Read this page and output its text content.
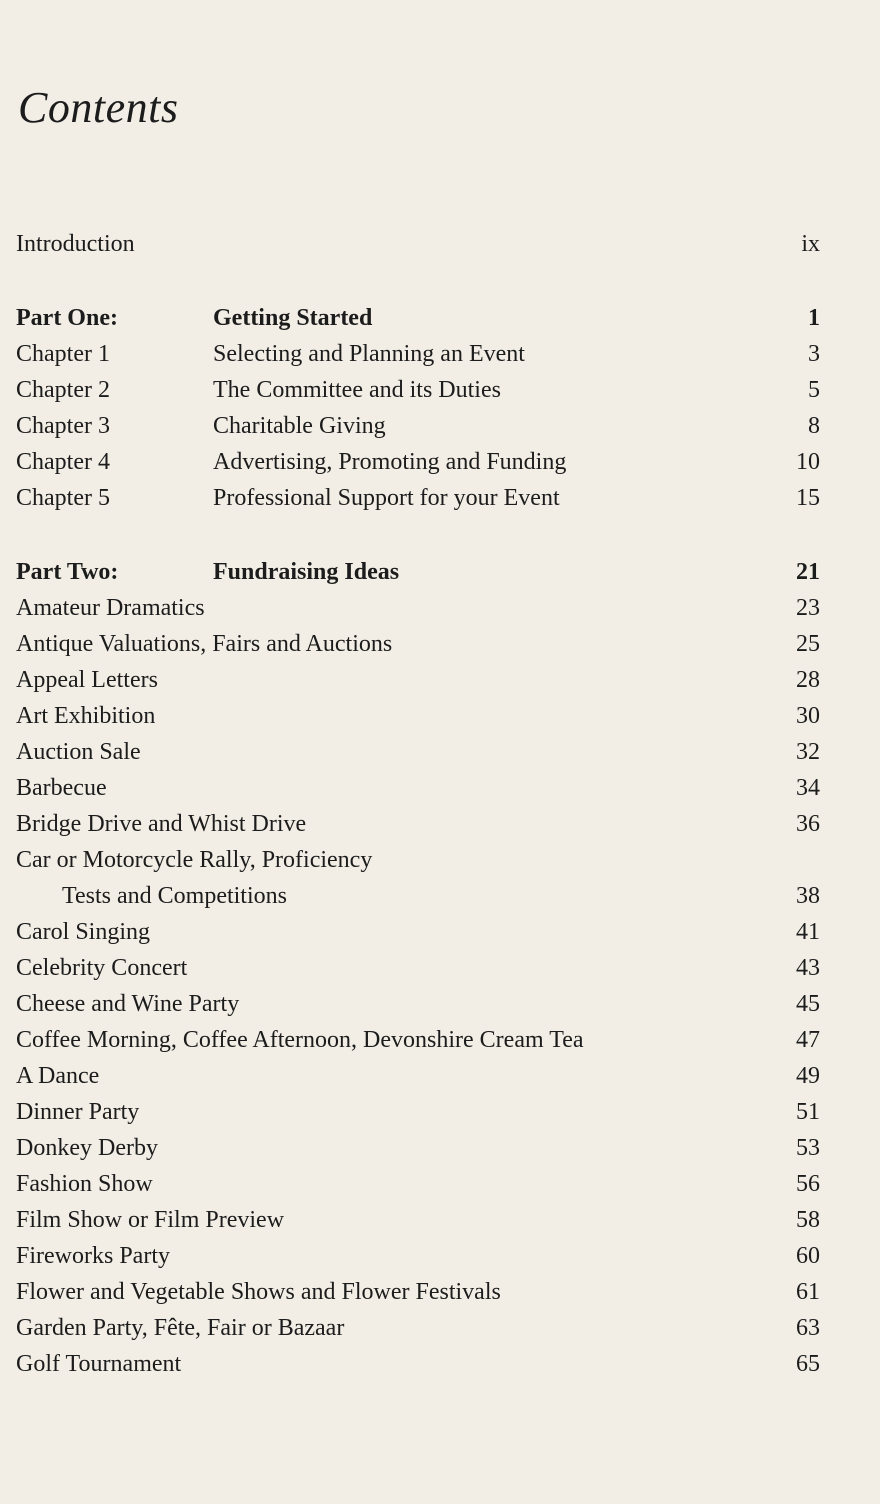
Contents
Introduction	ix
Part One:	Getting Started	1
Chapter 1	Selecting and Planning an Event	3
Chapter 2	The Committee and its Duties	5
Chapter 3	Charitable Giving	8
Chapter 4	Advertising, Promoting and Funding	10
Chapter 5	Professional Support for your Event	15
Part Two:	Fundraising Ideas	21
Amateur Dramatics	23
Antique Valuations, Fairs and Auctions	25
Appeal Letters	28
Art Exhibition	30
Auction Sale	32
Barbecue	34
Bridge Drive and Whist Drive	36
Car or Motorcycle Rally, Proficiency
Tests and Competitions	38
Carol Singing	41
Celebrity Concert	43
Cheese and Wine Party	45
Coffee Morning, Coffee Afternoon, Devonshire Cream Tea	47
A Dance	49
Dinner Party	51
Donkey Derby	53
Fashion Show	56
Film Show or Film Preview	58
Fireworks Party	60
Flower and Vegetable Shows and Flower Festivals	61
Garden Party, Fête, Fair or Bazaar	63
Golf Tournament	65
